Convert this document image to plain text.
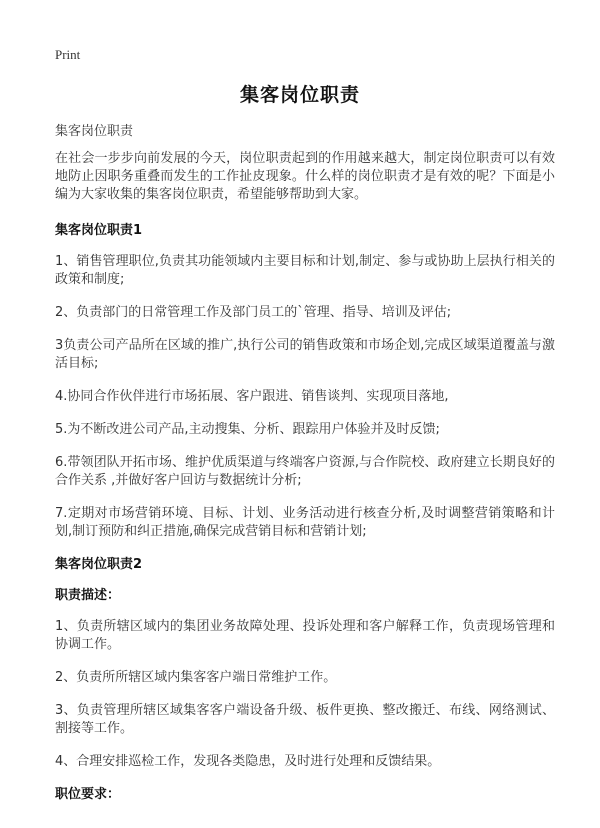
Print
集客岗位职责
集客岗位职责

在社会一步步向前发展的今天，岗位职责起到的作用越来越大，制定岗位职责可以有效地防止因职务重叠而发生的工作扯皮现象。什么样的岗位职责才是有效的呢？下面是小编为大家收集的集客岗位职责，希望能够帮助到大家。

集客岗位职责1

1、销售管理职位,负责其功能领域内主要目标和计划,制定、参与或协助上层执行相关的政策和制度;

2、负责部门的日常管理工作及部门员工的`管理、指导、培训及评估;

3负责公司产品所在区域的推广,执行公司的销售政策和市场企划,完成区域渠道覆盖与激活目标;

4.协同合作伙伴进行市场拓展、客户跟进、销售谈判、实现项目落地,

5.为不断改进公司产品,主动搜集、分析、跟踪用户体验并及时反馈;

6.带领团队开拓市场、维护优质渠道与终端客户资源,与合作院校、政府建立长期良好的合作关系 ,并做好客户回访与数据统计分析;

7.定期对市场营销环境、目标、计划、业务活动进行核查分析,及时调整营销策略和计划,制订预防和纠正措施,确保完成营销目标和营销计划;

集客岗位职责2

职责描述：

1、负责所辖区域内的集团业务故障处理、投诉处理和客户解释工作，负责现场管理和协调工作。

2、负责所所辖区域内集客客户端日常维护工作。

3、负责管理所辖区域集客客户端设备升级、板件更换、整改搬迁、布线、网络测试、割接等工作。

4、合理安排巡检工作，发现各类隐患，及时进行处理和反馈结果。

职位要求：
